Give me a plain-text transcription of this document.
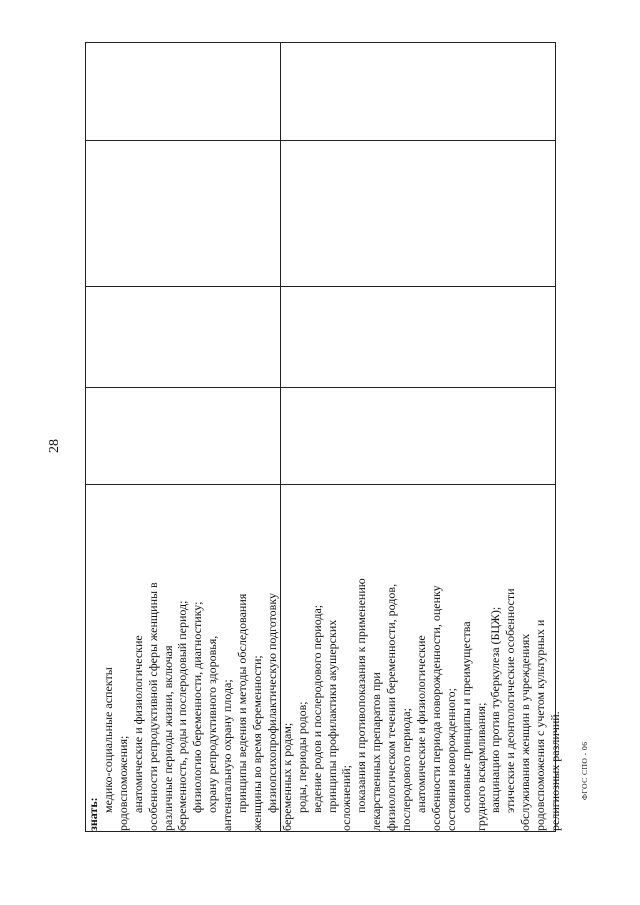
28
знать:
медико-социальные аспекты родовспоможения; анатомические и физиологические особенности репродуктивной сферы женщины в различные периоды жизни, включая беременность, роды и послеродовый период; физиологию беременности, диагностику; охрану репродуктивного здоровья, антенатальную охрану плода; принципы ведения и методы обследования женщины во время беременности; физиопсихопрофилактическую подготовку беременных к родам; роды, периоды родов; ведение родов и послеродового периода; принципы профилактики акушерских осложнений; показания и противопоказания к применению лекарственных препаратов при физиологическом течении беременности, родов, послеродового периода; анатомические и физиологические особенности периода новорожденности, оценку состояния новорожденного; основные принципы и преимущества грудного вскармливания; вакцинацию против туберкулеза (БЦЖ); этические и деонтологические особенности обслуживания женщин в учреждениях родовспоможения с учетом культурных и религиозных различий. ФГОС СПО - 06
